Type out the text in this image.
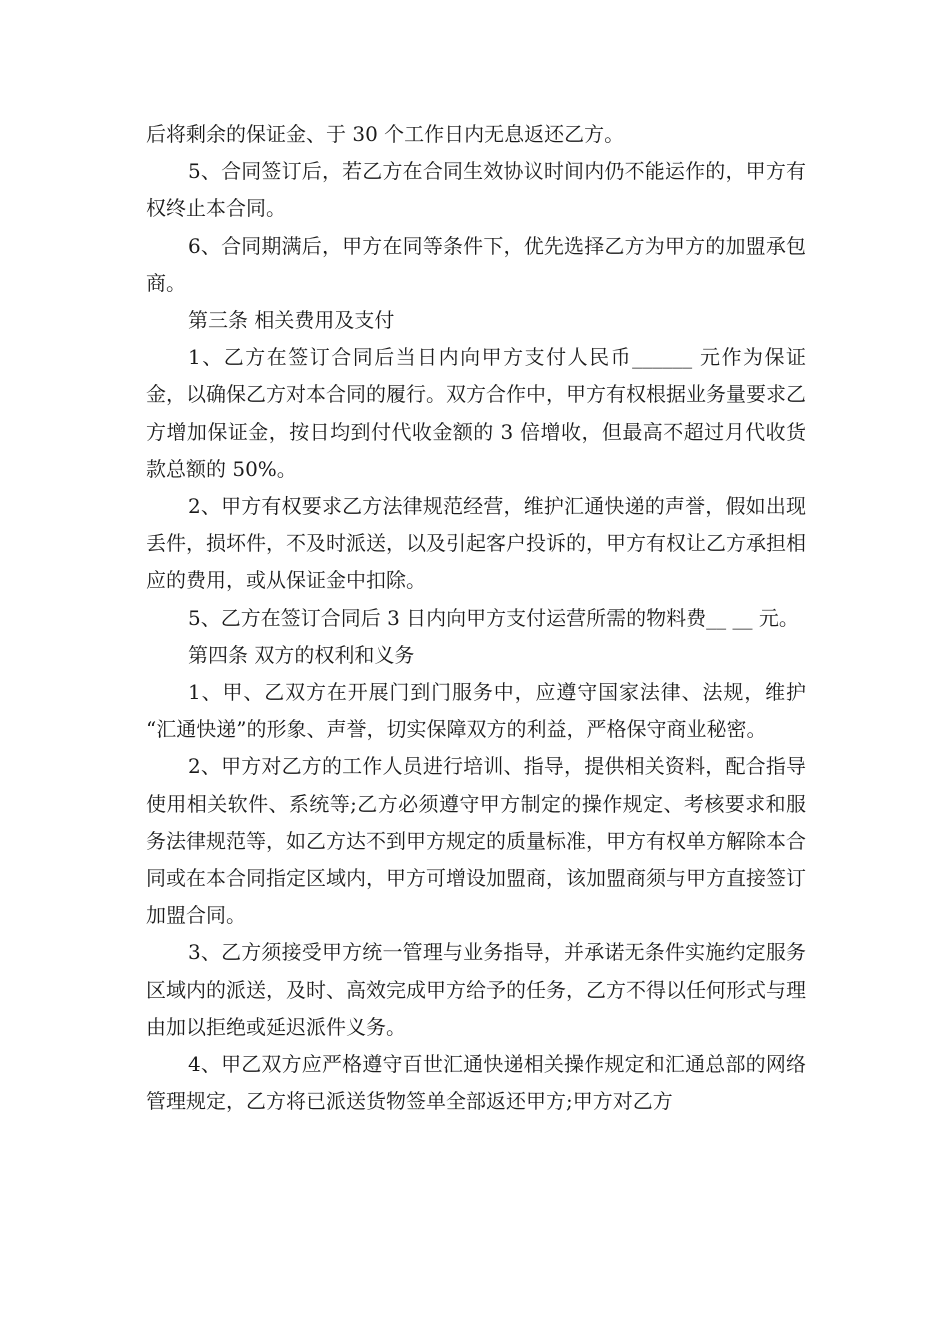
后将剩余的保证金、于 30 个工作日内无息返还乙方。

5、合同签订后，若乙方在合同生效协议时间内仍不能运作的，甲方有权终止本合同。

6、合同期满后，甲方在同等条件下，优先选择乙方为甲方的加盟承包商。

第三条 相关费用及支付

1、乙方在签订合同后当日内向甲方支付人民币______ 元作为保证金，以确保乙方对本合同的履行。双方合作中，甲方有权根据业务量要求乙方增加保证金，按日均到付代收金额的 3 倍增收，但最高不超过月代收货款总额的 50%。

2、甲方有权要求乙方法律规范经营，维护汇通快递的声誉，假如出现丢件，损坏件，不及时派送，以及引起客户投诉的，甲方有权让乙方承担相应的费用，或从保证金中扣除。

5、乙方在签订合同后 3 日内向甲方支付运营所需的物料费__ __ 元。

第四条 双方的权利和义务

1、甲、乙双方在开展门到门服务中，应遵守国家法律、法规，维护 “汇通快递”的形象、声誉，切实保障双方的利益，严格保守商业秘密。

2、甲方对乙方的工作人员进行培训、指导，提供相关资料，配合指导使用相关软件、系统等;乙方必须遵守甲方制定的操作规定、考核要求和服务法律规范等，如乙方达不到甲方规定的质量标准，甲方有权单方解除本合同或在本合同指定区域内，甲方可增设加盟商，该加盟商须与甲方直接签订加盟合同。

3、乙方须接受甲方统一管理与业务指导，并承诺无条件实施约定服务区域内的派送，及时、高效完成甲方给予的任务，乙方不得以任何形式与理由加以拒绝或延迟派件义务。

4、甲乙双方应严格遵守百世汇通快递相关操作规定和汇通总部的网络管理规定，乙方将已派送货物签单全部返还甲方;甲方对乙方
